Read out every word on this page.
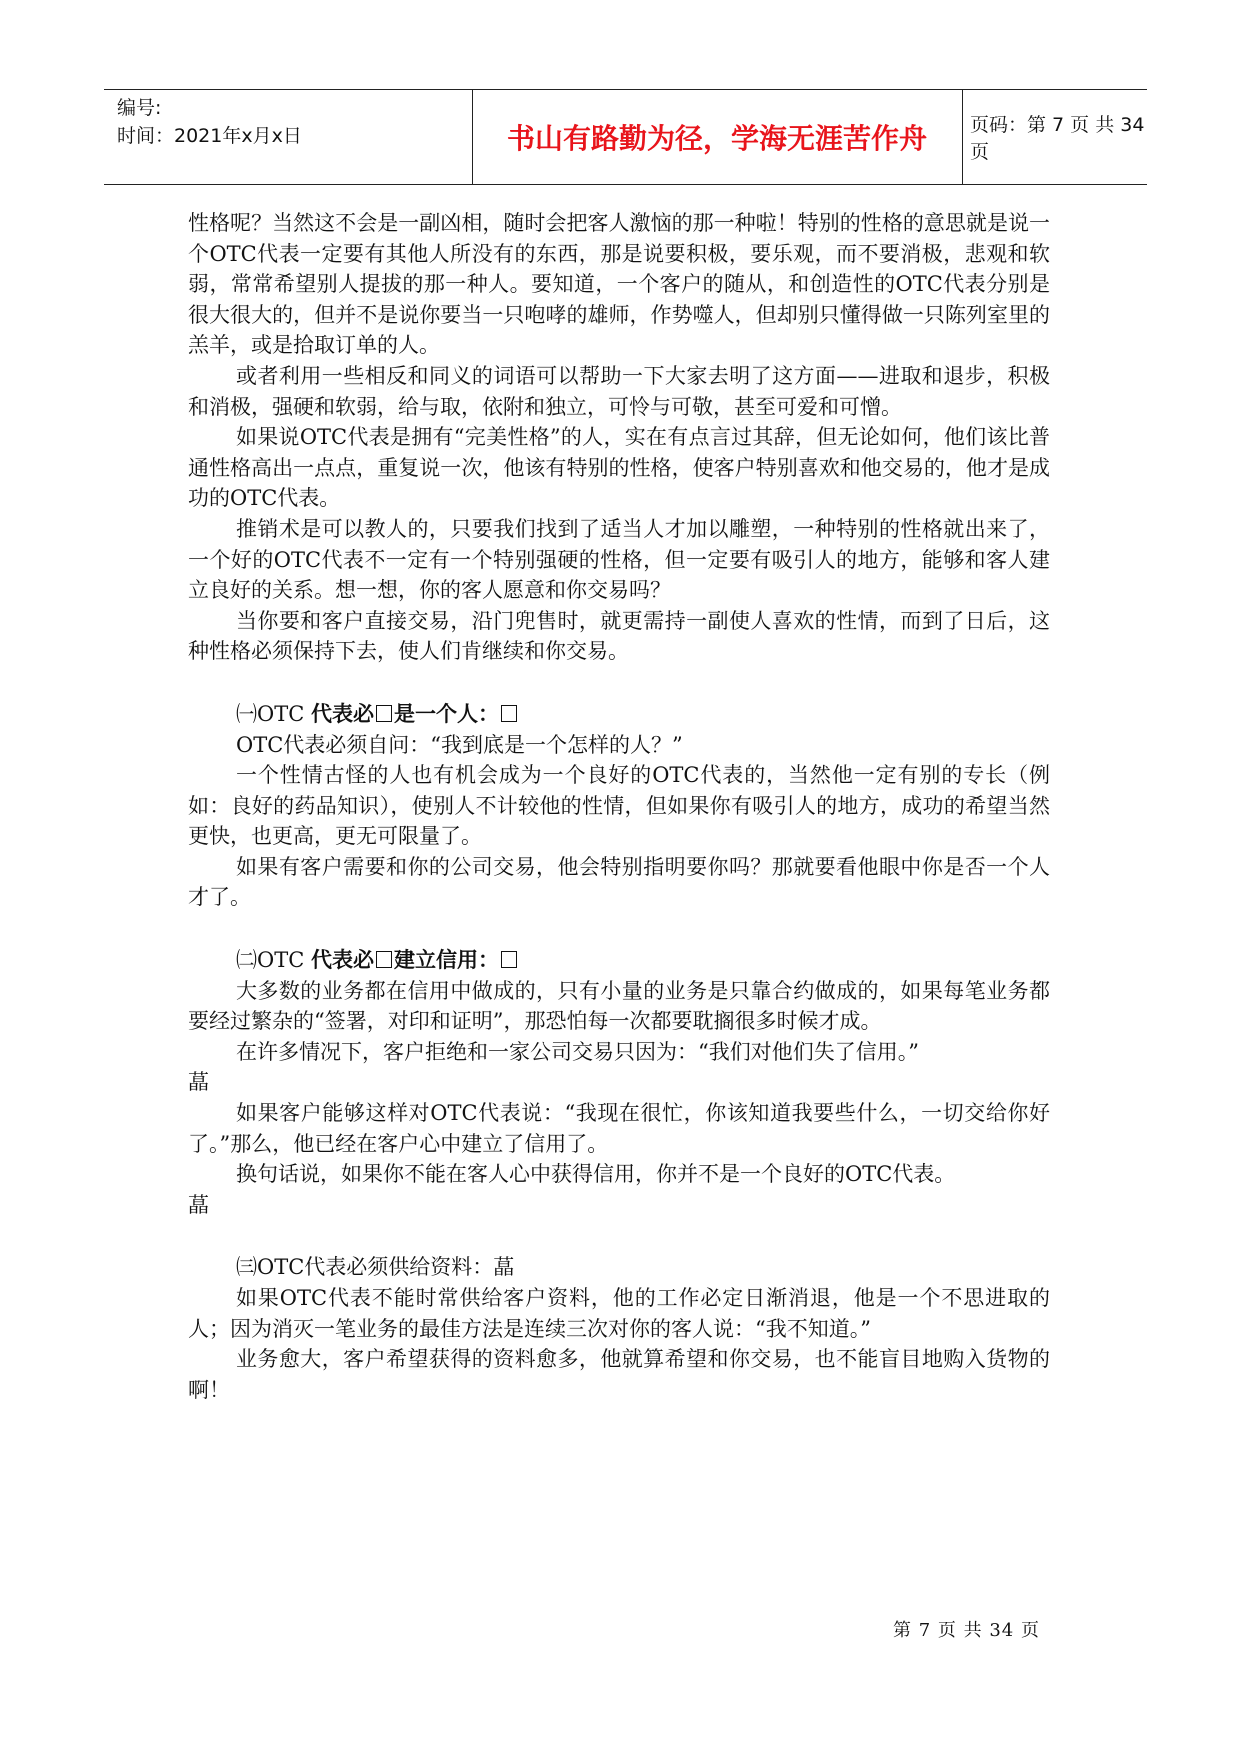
编号:
时间：2021年x月x日	书山有路勤为径，学海无涯苦作舟	页码：第 7 页 共 34 页

性格呢？当然这不会是一副凶相，随时会把客人激恼的那一种啦！特别的性格的意思就是说一个OTC代表一定要有其他人所没有的东西，那是说要积极，要乐观，而不要消极，悲观和软弱，常常希望别人提拔的那一种人。要知道，一个客户的随从，和创造性的OTC代表分别是很大很大的，但并不是说你要当一只咆哮的雄师，作势噬人，但却别只懂得做一只陈列室里的羔羊，或是拾取订单的人。

或者利用一些相反和同义的词语可以帮助一下大家去明了这方面——进取和退步，积极和消极，强硬和软弱，给与取，依附和独立，可怜与可敬，甚至可爱和可憎。

如果说OTC代表是拥有“完美性格”的人，实在有点言过其辞，但无论如何，他们该比普通性格高出一点点，重复说一次，他该有特别的性格，使客户特别喜欢和他交易的，他才是成功的OTC代表。

推销术是可以教人的，只要我们找到了适当人才加以雕塑，一种特别的性格就出来了，一个好的OTC代表不一定有一个特别强硬的性格，但一定要有吸引人的地方，能够和客人建立良好的关系。想一想，你的客人愿意和你交易吗？

当你要和客户直接交易，沿门兜售时，就更需持一副使人喜欢的性情，而到了日后，这种性格必须保持下去，使人们肯继续和你交易。

㈠OTC 代表必 是一个人：

OTC代表必须自问：“我到底是一个怎样的人？”

一个性情古怪的人也有机会成为一个良好的OTC代表的，当然他一定有别的专长（例如：良好的药品知识），使别人不计较他的性情，但如果你有吸引人的地方，成功的希望当然更快，也更高，更无可限量了。

如果有客户需要和你的公司交易，他会特别指明要你吗？那就要看他眼中你是否一个人才了。

㈡OTC 代表必 建立信用：

大多数的业务都在信用中做成的，只有小量的业务是只靠合约做成的，如果每笔业务都要经过繁杂的“签署，对印和证明”，那恐怕每一次都要耽搁很多时候才成。

在许多情况下，客户拒绝和一家公司交易只因为：“我们对他们失了信用。”

蕌

如果客户能够这样对OTC代表说：“我现在很忙，你该知道我要些什么，一切交给你好了。”那么，他已经在客户心中建立了信用了。

换句话说，如果你不能在客人心中获得信用，你并不是一个良好的OTC代表。

蕌

㈢OTC代表必须供给资料：蕌

如果OTC代表不能时常供给客户资料，他的工作必定日渐消退，他是一个不思进取的人；因为消灭一笔业务的最佳方法是连续三次对你的客人说：“我不知道。”

业务愈大，客户希望获得的资料愈多，他就算希望和你交易，也不能盲目地购入货物的啊！

第 7 页 共 34 页
